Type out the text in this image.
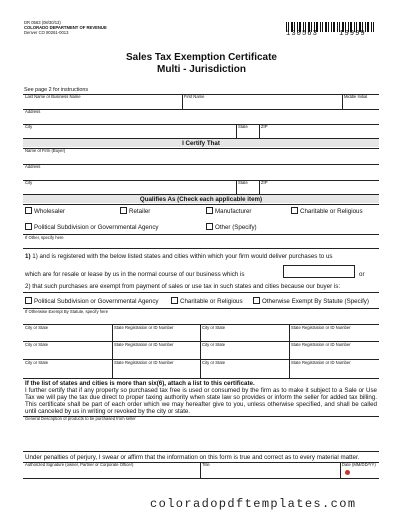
DR 0563 (08/30/13)
COLORADO DEPARTMENT OF REVENUE
Denver CO 80261-0013	130563    19999
Sales Tax Exemption Certificate
Multi - Jurisdiction
See page 2 for instructions
Last Name or Business Name	First Name	Middle Initial
Address
City	State	ZIP
I Certify That
Name of Firm (Buyer)
Address
City	State	ZIP
Qualifies As (Check each applicable item)
Wholesaler	Retailer	Manufacturer	Charitable or Religious
Political Subdivision or Governmental Agency	Other (Specify)
If Other, specify here
1) 1) and is registered with the below listed states and cities within which your firm would deliver purchases to us
which are for resale or lease by us in the normal course of our business which is	or
2) that such purchases are exempt from payment of sales or use tax in such states and cities because our buyer is:
Political Subdivision or Governmental Agency	Charitable or Religious	Otherwise Exempt By Statute (Specify)
If Otherwise Exempt By Statute, specify here
City or State	State Registration or ID Number	City or State	State Registration or ID Number
City or State	State Registration or ID Number	City or State	State Registration or ID Number
City or State	State Registration or ID Number	City or State	State Registration or ID Number
If the list of states and cities is more than six(6), attach a list to this certificate.
I further certify that if any property so purchased tax free is used or consumed by the firm as to make it subject to a Sale or Use Tax we will pay the tax due direct to proper taxing authority when state law so provides or inform the seller for added tax billing. This certificate shall be part of each order which we may hereafter give to you, unless otherwise specified, and shall be called until canceled by us in writing or revoked by the city or state.
General Description of products to be purchased from seller
Under penalties of perjury, I swear or affirm that the information on this form is true and correct as to every material matter.
Authorized Signature (owner, Partner or Corporate Officer)	Title	Date (MM/DD/YY)
coloradopdftemplates.com
